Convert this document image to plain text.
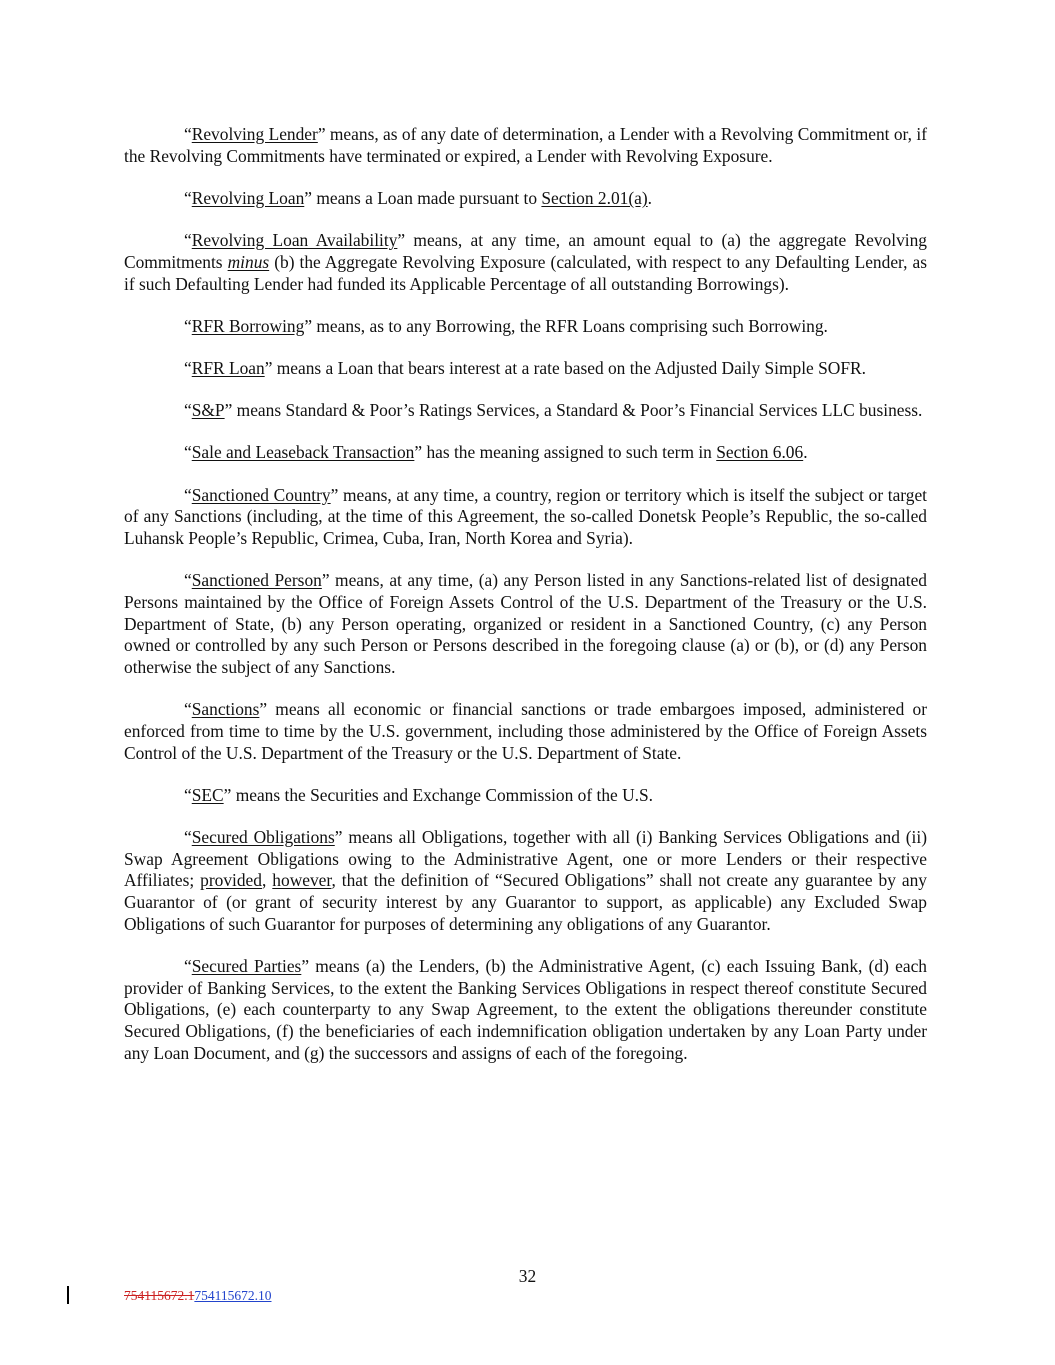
“Revolving Lender” means, as of any date of determination, a Lender with a Revolving Commitment or, if the Revolving Commitments have terminated or expired, a Lender with Revolving Exposure.

“Revolving Loan” means a Loan made pursuant to Section 2.01(a).

“Revolving Loan Availability” means, at any time, an amount equal to (a) the aggregate Revolving Commitments minus (b) the Aggregate Revolving Exposure (calculated, with respect to any Defaulting Lender, as if such Defaulting Lender had funded its Applicable Percentage of all outstanding Borrowings).

“RFR Borrowing” means, as to any Borrowing, the RFR Loans comprising such Borrowing.

“RFR Loan” means a Loan that bears interest at a rate based on the Adjusted Daily Simple SOFR.

“S&P” means Standard & Poor’s Ratings Services, a Standard & Poor’s Financial Services LLC business.

“Sale and Leaseback Transaction” has the meaning assigned to such term in Section 6.06.

“Sanctioned Country” means, at any time, a country, region or territory which is itself the subject or target of any Sanctions (including, at the time of this Agreement, the so-called Donetsk People’s Republic, the so-called Luhansk People’s Republic, Crimea, Cuba, Iran, North Korea and Syria).

“Sanctioned Person” means, at any time, (a) any Person listed in any Sanctions-related list of designated Persons maintained by the Office of Foreign Assets Control of the U.S. Department of the Treasury or the U.S. Department of State, (b) any Person operating, organized or resident in a Sanctioned Country, (c) any Person owned or controlled by any such Person or Persons described in the foregoing clause (a) or (b), or (d) any Person otherwise the subject of any Sanctions.

“Sanctions” means all economic or financial sanctions or trade embargoes imposed, administered or enforced from time to time by the U.S. government, including those administered by the Office of Foreign Assets Control of the U.S. Department of the Treasury or the U.S. Department of State.

“SEC” means the Securities and Exchange Commission of the U.S.

“Secured Obligations” means all Obligations, together with all (i) Banking Services Obligations and (ii) Swap Agreement Obligations owing to the Administrative Agent, one or more Lenders or their respective Affiliates; provided, however, that the definition of “Secured Obligations” shall not create any guarantee by any Guarantor of (or grant of security interest by any Guarantor to support, as applicable) any Excluded Swap Obligations of such Guarantor for purposes of determining any obligations of any Guarantor.

“Secured Parties” means (a) the Lenders, (b) the Administrative Agent, (c) each Issuing Bank, (d) each provider of Banking Services, to the extent the Banking Services Obligations in respect thereof constitute Secured Obligations, (e) each counterparty to any Swap Agreement, to the extent the obligations thereunder constitute Secured Obligations, (f) the beneficiaries of each indemnification obligation undertaken by any Loan Party under any Loan Document, and (g) the successors and assigns of each of the foregoing.

32
754115672.1754115672.10
